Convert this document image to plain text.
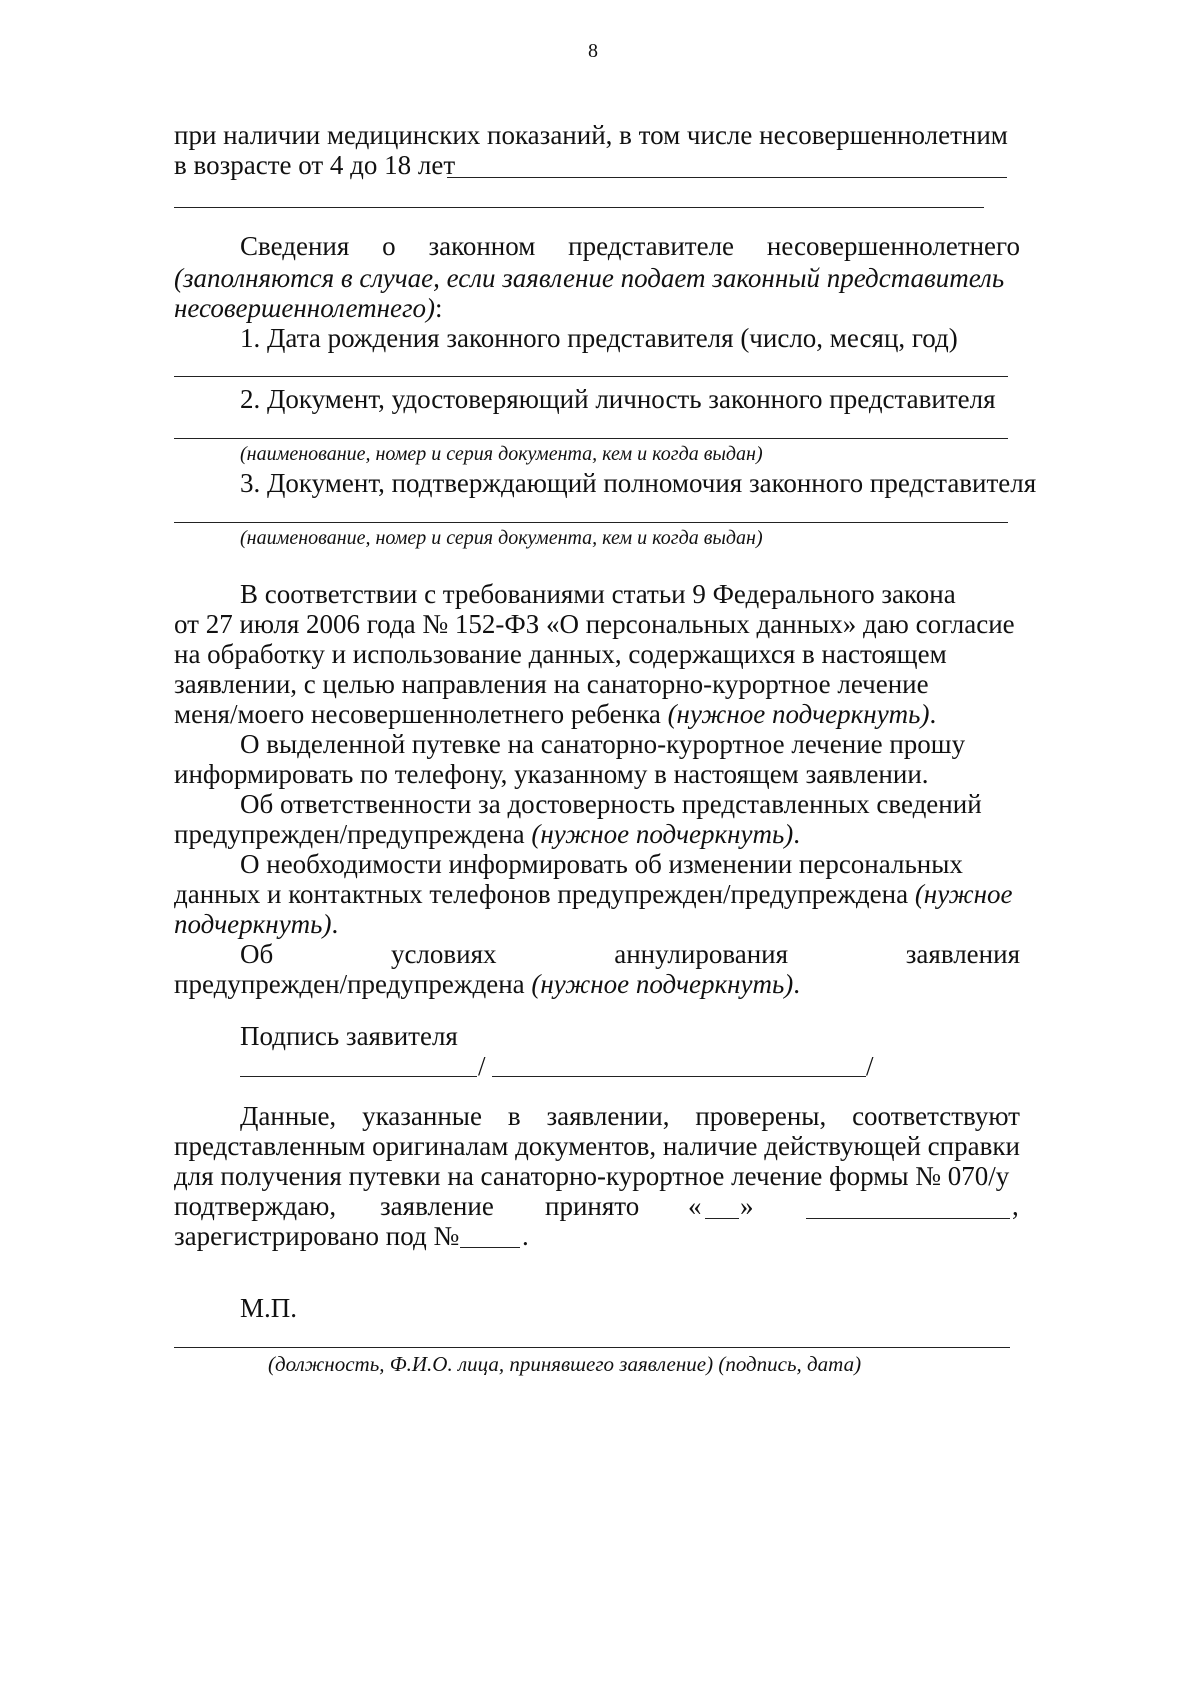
8
при наличии медицинских показаний, в том числе несовершеннолетним
в возрасте от 4 до 18 лет
Сведения о законном представителе несовершеннолетнего
(заполняются в случае, если заявление подает законный представитель
несовершеннолетнего):
1. Дата рождения законного представителя (число, месяц, год)
2. Документ, удостоверяющий личность законного представителя
(наименование, номер и серия документа, кем и когда выдан)
3. Документ, подтверждающий полномочия законного представителя
(наименование, номер и серия документа, кем и когда выдан)
В соответствии с требованиями статьи 9 Федерального закона
от 27 июля 2006 года № 152-ФЗ «О персональных данных» даю согласие
на обработку и использование данных, содержащихся в настоящем
заявлении, с целью направления на санаторно-курортное лечение
меня/моего несовершеннолетнего ребенка (нужное подчеркнуть).
О выделенной путевке на санаторно-курортное лечение прошу
информировать по телефону, указанному в настоящем заявлении.
Об ответственности за достоверность представленных сведений
предупрежден/предупреждена (нужное подчеркнуть).
О необходимости информировать об изменении персональных
данных и контактных телефонов предупрежден/предупреждена (нужное
подчеркнуть).
Об	условиях	аннулирования	заявления
предупрежден/предупреждена (нужное подчеркнуть).
Подпись заявителя
/	/
Данные, указанные в заявлении, проверены, соответствуют
представленным оригиналам документов, наличие действующей справки
для получения путевки на санаторно-курортное лечение формы № 070/у
подтверждаю, заявление принято « »	,
зарегистрировано под № .
М.П.
(должность, Ф.И.О. лица, принявшего заявление) (подпись, дата)
